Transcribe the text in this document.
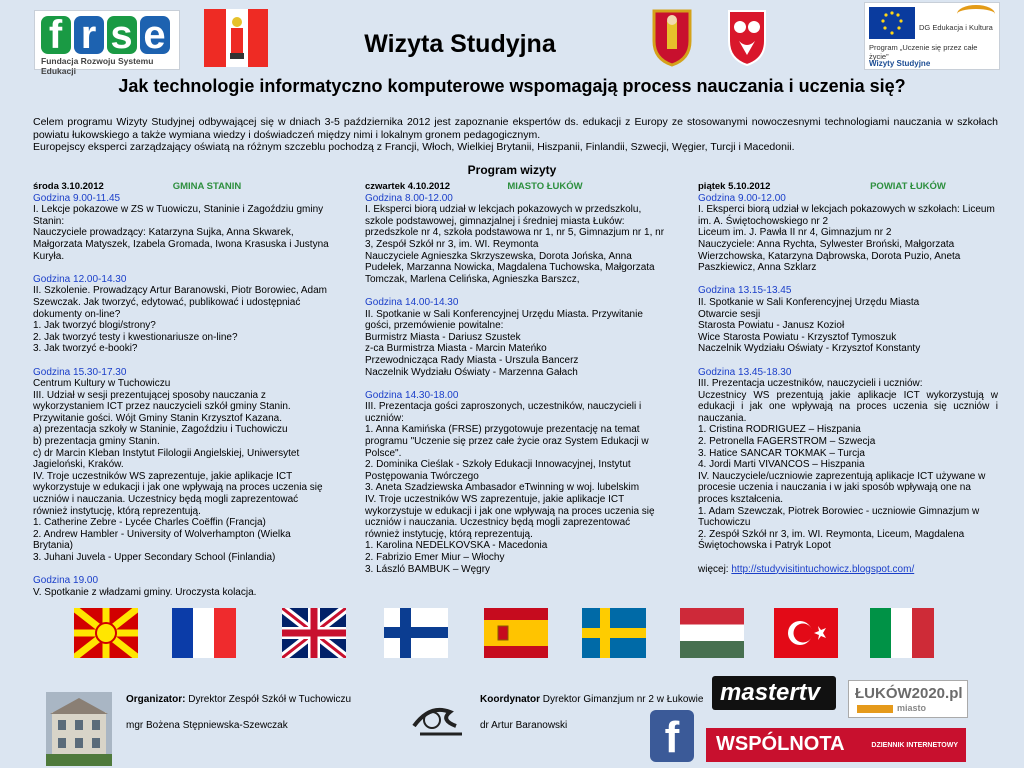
f r s e
Fundacja Rozwoju Systemu Edukacji
DG Edukacja i Kultura
Program „Uczenie się przez całe życie”
Wizyty Studyjne
Wizyta Studyjna
Jak technologie informatyczno komputerowe wspomagają process nauczania i uczenia się?
Celem programu Wizyty Studyjnej odbywającej się w dniach 3-5 października 2012 jest zapoznanie ekspertów ds. edukacji z Europy ze stosowanymi nowoczesnymi technologiami nauczania w szkołach powiatu łukowskiego a także wymiana wiedzy i doświadczeń między nimi i lokalnym gronem pedagogicznym.
Europejscy eksperci zarządzający oświatą na różnym szczeblu pochodzą z Francji, Włoch, Wielkiej Brytanii, Hiszpanii, Finlandii, Szwecji, Węgier, Turcji i Macedonii.
Program wizyty

środa 3.10.2012	GMINA STANIN

Godzina 9.00-11.45

I. Lekcje pokazowe w ZS w Tuowiczu, Staninie i Zagoździu gminy Stanin:

Nauczyciele prowadzący: Katarzyna Sujka, Anna Skwarek, Małgorzata Matyszek, Izabela Gromada, Iwona Krasuska i Justyna Kuryła.

Godzina 12.00-14.30

II. Szkolenie. Prowadzący Artur Baranowski, Piotr Borowiec, Adam Szewczak. Jak tworzyć, edytować, publikować i udostępniać dokumenty on-line?

1. Jak tworzyć blogi/strony?

2. Jak tworzyć testy i kwestionariusze on-line?

3. Jak tworzyć e-booki?

Godzina 15.30-17.30

Centrum Kultury w Tuchowiczu

III. Udział w sesji prezentującej sposoby nauczania z wykorzystaniem ICT przez nauczycieli szkół gminy Stanin.

Przywitanie gości. Wójt Gminy Stanin Krzysztof Kazana.

a) prezentacja szkoły w Staninie, Zagoździu i Tuchowiczu

b) prezentacja gminy Stanin.

c) dr Marcin Kleban Instytut Filologii Angielskiej, Uniwersytet Jagieloński, Kraków.

IV. Troje uczestników WS zaprezentuje, jakie aplikacje ICT wykorzystuje w edukacji i jak one wpływają na proces uczenia się uczniów i nauczania. Uczestnicy będą mogli zaprezentować również instytucję, którą reprezentują.

1. Catherine Zebre - Lycée Charles Coëffin (Francja)

2. Andrew Hambler - University of Wolverhampton (Wielka Brytania)

3. Juhani Juvela - Upper Secondary School (Finlandia)

Godzina 19.00

V. Spotkanie z władzami gminy. Uroczysta kolacja.

czwartek 4.10.2012	MIASTO ŁUKÓW

Godzina 8.00-12.00

I. Eksperci biorą udział w lekcjach pokazowych w przedszkolu, szkole podstawowej, gimnazjalnej i średniej miasta Łuków: przedszkole nr 4, szkoła podstawowa nr 1, nr 5, Gimnazjum nr 1, nr 3, Zespół Szkół nr 3, im. WI. Reymonta

Nauczyciele Agnieszka Skrzyszewska, Dorota Jońska, Anna Pudełek, Marzanna Nowicka, Magdalena Tuchowska, Małgorzata Tomczak, Marlena Celińska, Agnieszka Barszcz,

Godzina 14.00-14.30

II. Spotkanie w Sali Konferencyjnej Urzędu Miasta. Przywitanie gości, przemówienie powitalne:

Burmistrz Miasta - Dariusz Szustek

z-ca Burmistrza Miasta - Marcin Mateńko

Przewodnicząca Rady Miasta - Urszula Bancerz

Naczelnik Wydziału Oświaty - Marzenna Gałach

Godzina 14.30-18.00

III. Prezentacja gości zaproszonych, uczestników, nauczycieli i uczniów:

1. Anna Kamińska (FRSE) przygotowuje prezentację na temat programu "Uczenie się przez całe życie oraz System Edukacji w Polsce".

2. Dominika Cieślak - Szkoły Edukacji Innowacyjnej, Instytut Postępowania Twórczego

3. Aneta Szadziewska Ambasador eTwinning w woj. lubelskim

IV. Troje uczestników WS zaprezentuje, jakie aplikacje ICT wykorzystuje w edukacji i jak one wpływają na proces uczenia się uczniów i nauczania. Uczestnicy będą mogli zaprezentować również instytucję, którą reprezentują.

1. Karolina NEDELKOVSKA - Macedonia

2. Fabrizio Emer Miur – Włochy

3. László BAMBUK – Węgry

piątek 5.10.2012	POWIAT ŁUKÓW

Godzina 9.00-12.00

I. Eksperci biorą udział w lekcjach pokazowych w szkołach: Liceum im. A. Świętochowskiego nr 2

Liceum im. J. Pawła II nr 4, Gimnazjum nr 2

Nauczyciele: Anna Rychta, Sylwester Broński, Małgorzata Wierzchowska, Katarzyna Dąbrowska, Dorota Puzio, Aneta Paszkiewicz, Anna Szklarz

Godzina 13.15-13.45

II. Spotkanie w Sali Konferencyjnej Urzędu Miasta

Otwarcie sesji

Starosta Powiatu - Janusz Kozioł

Wice Starosta Powiatu - Krzysztof Tymoszuk

Naczelnik Wydziału Oświaty - Krzysztof Konstanty

Godzina 13.45-18.30

III. Prezentacja uczestników, nauczycieli i uczniów:

Uczestnicy WS prezentują jakie aplikacje ICT wykorzystują w edukacji i jak one wpływają na proces uczenia się uczniów i nauczania.

1. Cristina RODRIGUEZ – Hiszpania

2. Petronella FAGERSTROM – Szwecja

3. Hatice SANCAR TOKMAK – Turcja

4. Jordi Marti VIVANCOS – Hiszpania

IV. Nauczyciele/uczniowie zaprezentują aplikacje ICT używane w procesie uczenia i nauczania i w jaki sposób wpływają one na proces kształcenia.

1. Adam Szewczak, Piotrek Borowiec - uczniowie Gimnazjum w Tuchowiczu

2. Zespół Szkół nr 3, im. WI. Reymonta, Liceum, Magdalena Świętochowska i Patryk Lopot

więcej: http://studyvisitintuchowicz.blogspot.com/

Organizator: Dyrektor Zespół Szkół w Tuchowiczu
mgr Bożena Stępniewska-Szewczak
Koordynator Dyrektor Gimanzjum nr 2 w Łukowie
dr Artur Baranowski
mastertv ŁUKÓW2020.pl
miasto
f	WSPÓLNOTA	DZIENNIK INTERNETOWY
